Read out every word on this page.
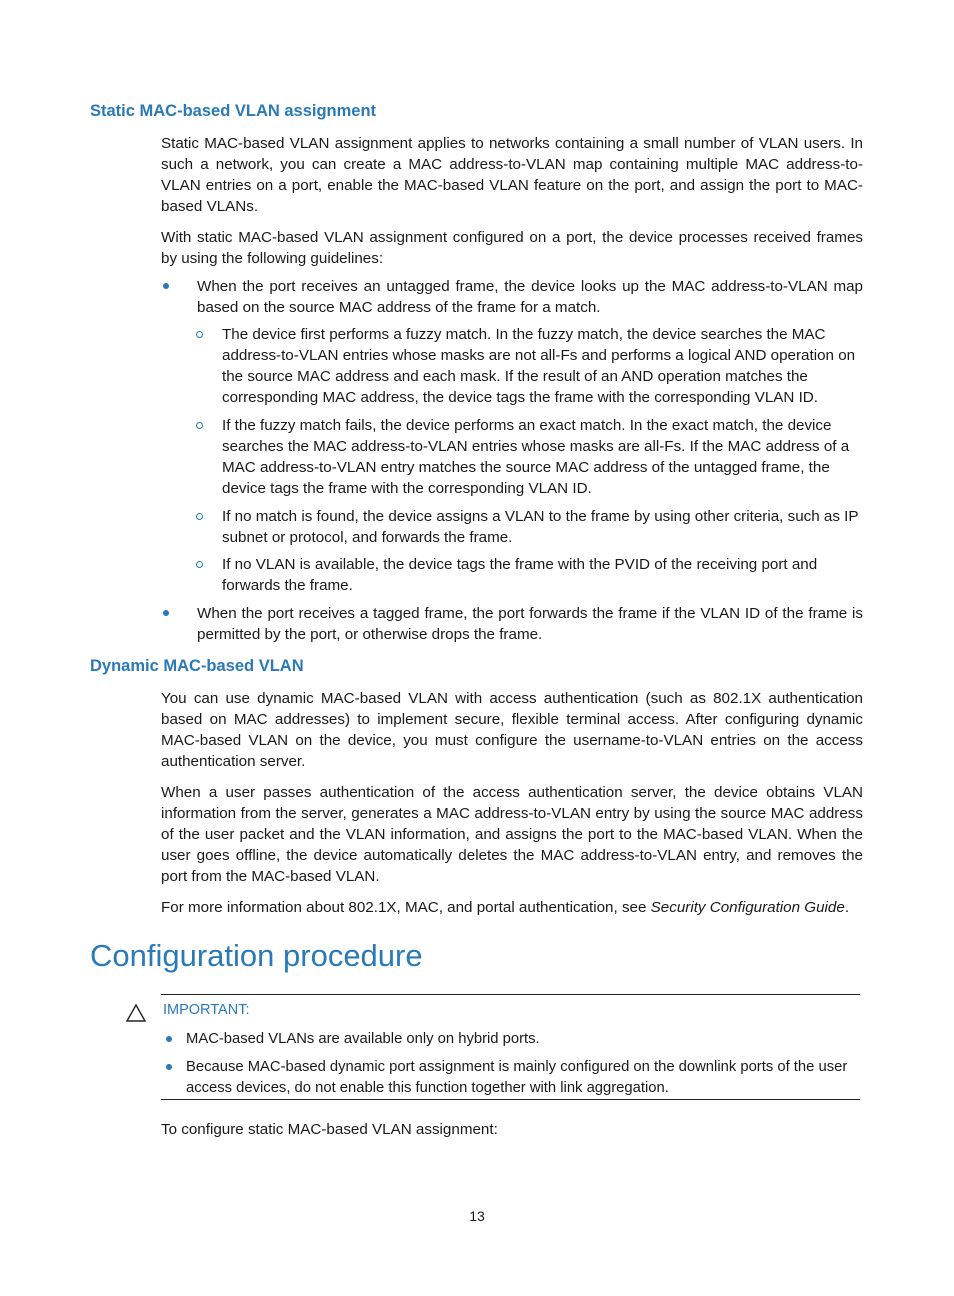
Static MAC-based VLAN assignment

Static MAC-based VLAN assignment applies to networks containing a small number of VLAN users. In such a network, you can create a MAC address-to-VLAN map containing multiple MAC address-to-VLAN entries on a port, enable the MAC-based VLAN feature on the port, and assign the port to MAC-based VLANs.

With static MAC-based VLAN assignment configured on a port, the device processes received frames by using the following guidelines:

When the port receives an untagged frame, the device looks up the MAC address-to-VLAN map based on the source MAC address of the frame for a match.

The device first performs a fuzzy match. In the fuzzy match, the device searches the MAC address-to-VLAN entries whose masks are not all-Fs and performs a logical AND operation on the source MAC address and each mask. If the result of an AND operation matches the corresponding MAC address, the device tags the frame with the corresponding VLAN ID.

If the fuzzy match fails, the device performs an exact match. In the exact match, the device searches the MAC address-to-VLAN entries whose masks are all-Fs. If the MAC address of a MAC address-to-VLAN entry matches the source MAC address of the untagged frame, the device tags the frame with the corresponding VLAN ID.

If no match is found, the device assigns a VLAN to the frame by using other criteria, such as IP subnet or protocol, and forwards the frame.

If no VLAN is available, the device tags the frame with the PVID of the receiving port and forwards the frame.

When the port receives a tagged frame, the port forwards the frame if the VLAN ID of the frame is permitted by the port, or otherwise drops the frame.

Dynamic MAC-based VLAN

You can use dynamic MAC-based VLAN with access authentication (such as 802.1X authentication based on MAC addresses) to implement secure, flexible terminal access. After configuring dynamic MAC-based VLAN on the device, you must configure the username-to-VLAN entries on the access authentication server.

When a user passes authentication of the access authentication server, the device obtains VLAN information from the server, generates a MAC address-to-VLAN entry by using the source MAC address of the user packet and the VLAN information, and assigns the port to the MAC-based VLAN. When the user goes offline, the device automatically deletes the MAC address-to-VLAN entry, and removes the port from the MAC-based VLAN.

For more information about 802.1X, MAC, and portal authentication, see Security Configuration Guide.

Configuration procedure

IMPORTANT:

MAC-based VLANs are available only on hybrid ports.

Because MAC-based dynamic port assignment is mainly configured on the downlink ports of the user access devices, do not enable this function together with link aggregation.

To configure static MAC-based VLAN assignment:

13
